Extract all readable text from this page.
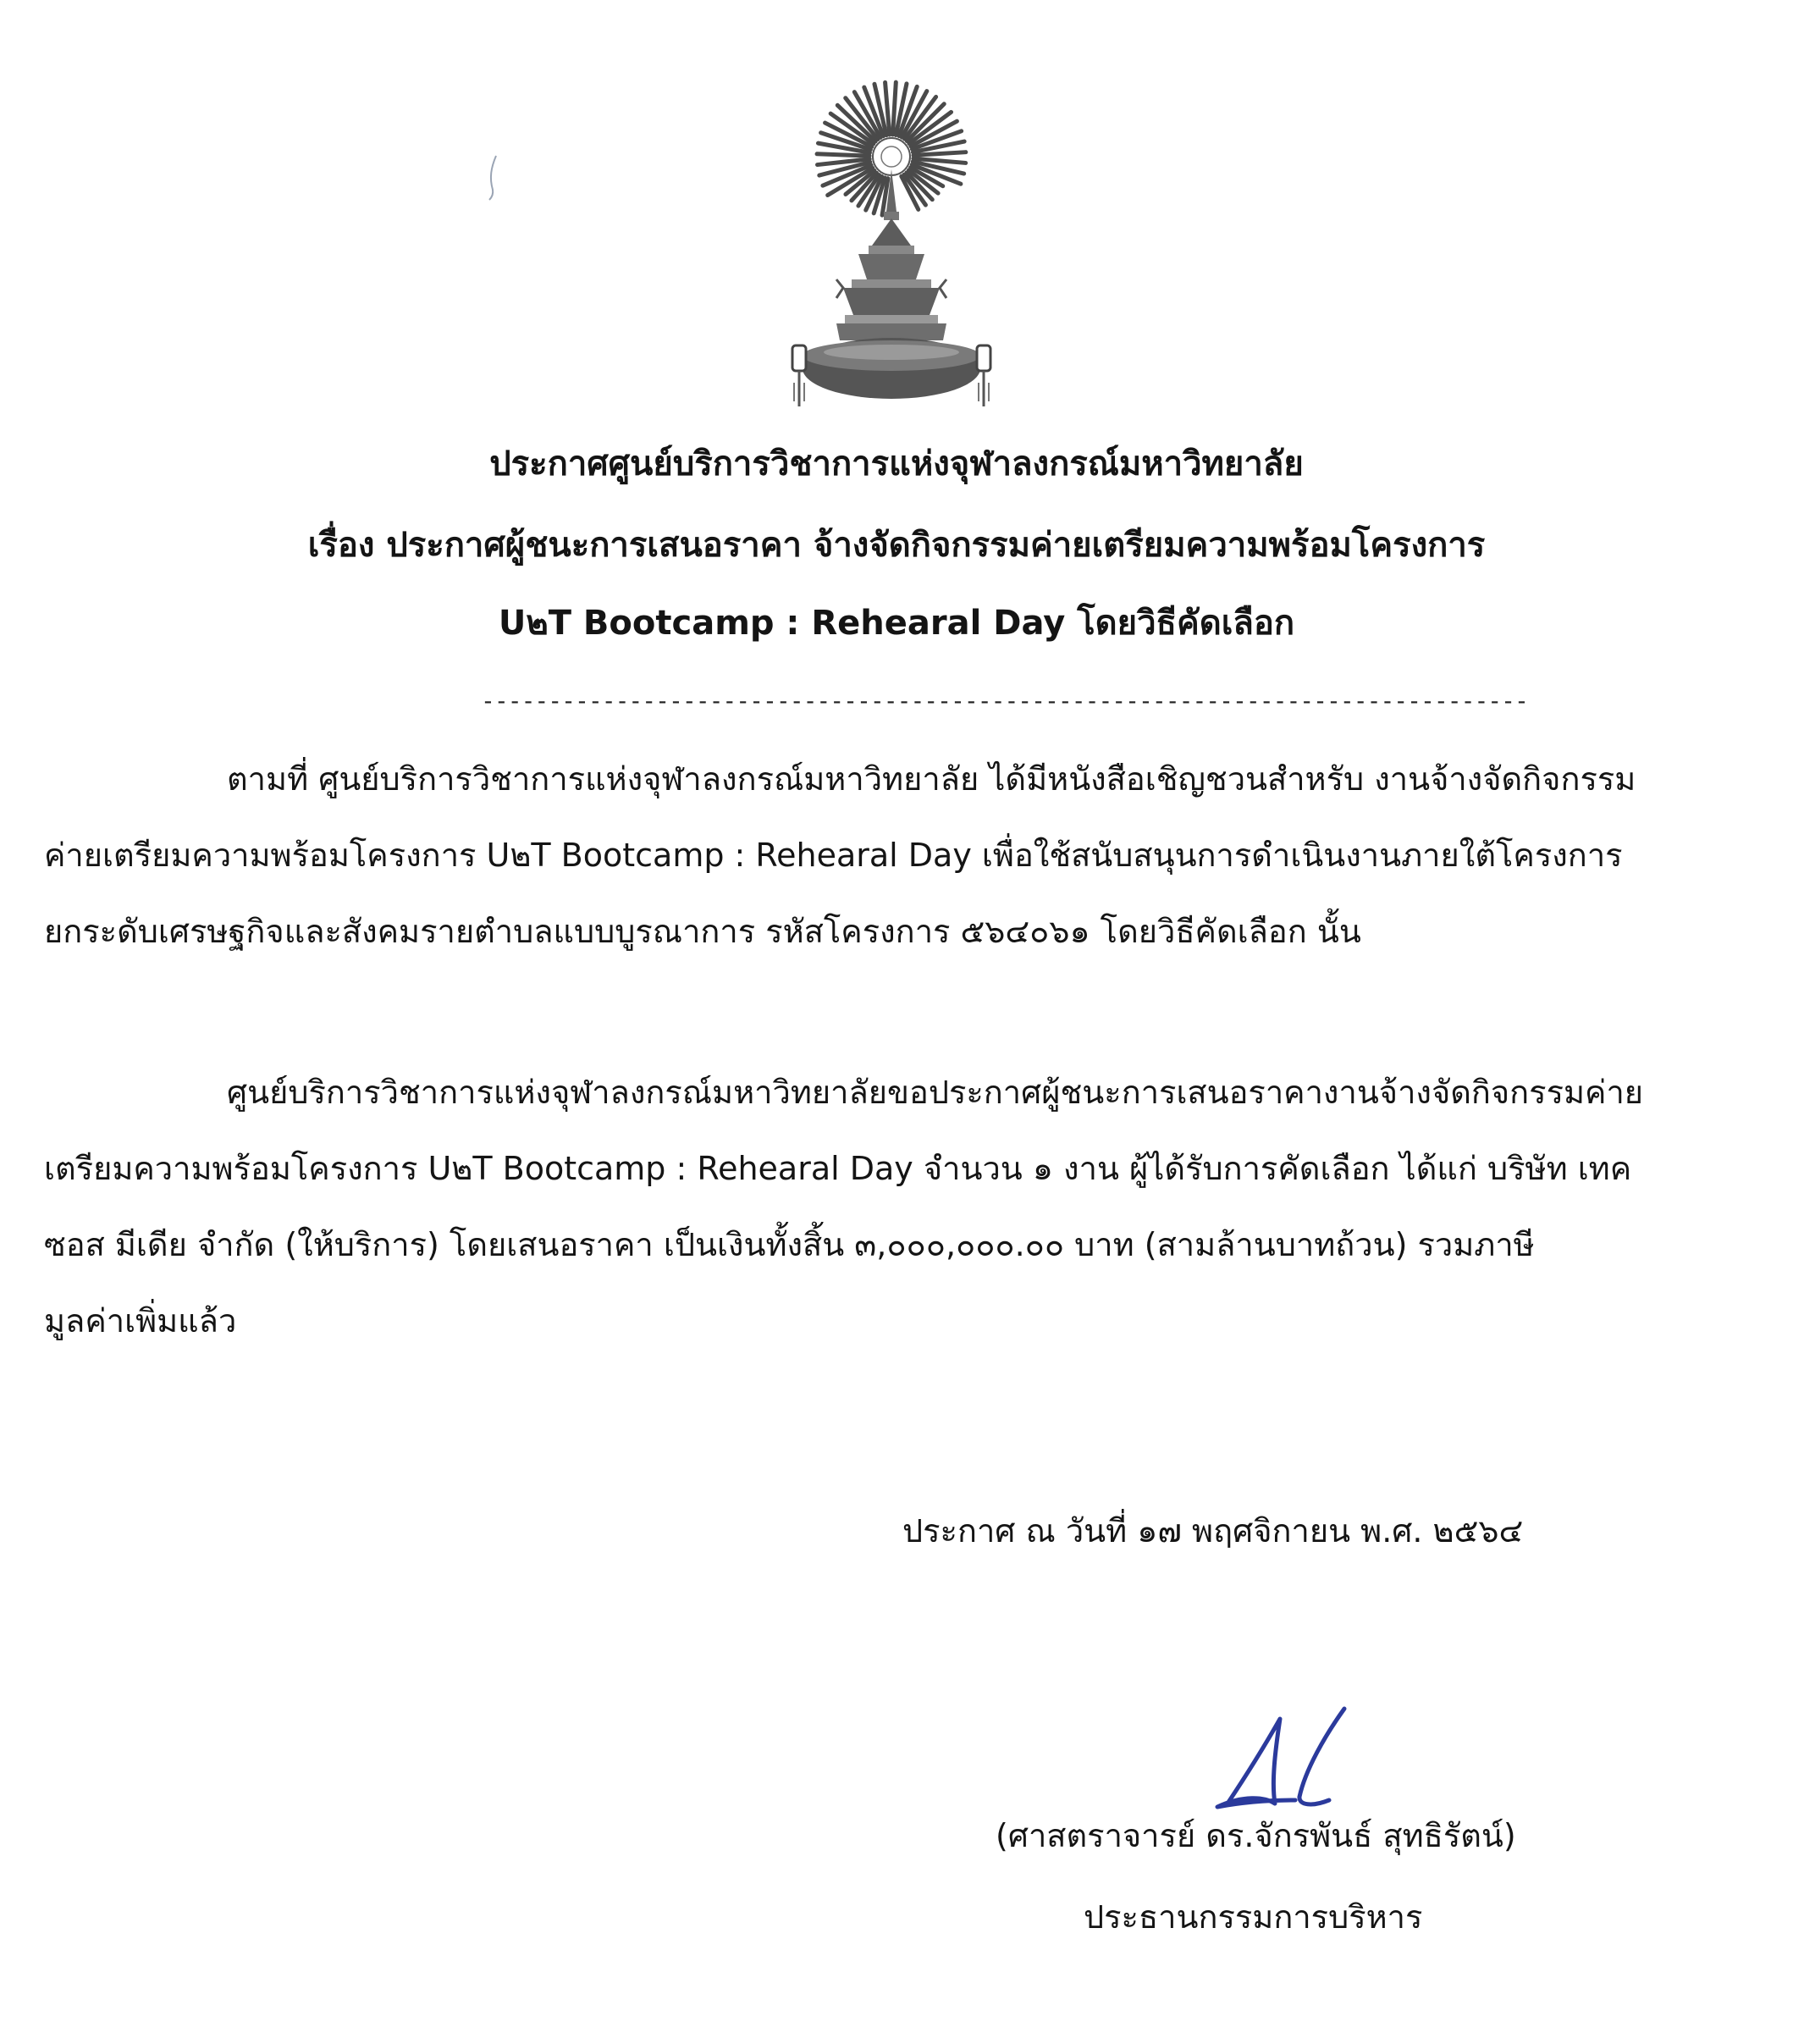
ประกาศศูนย์บริการวิชาการแห่งจุฬาลงกรณ์มหาวิทยาลัย
เรื่อง ประกาศผู้ชนะการเสนอราคา จ้างจัดกิจกรรมค่ายเตรียมความพร้อมโครงการ
U๒T Bootcamp : Rehearal Day โดยวิธีคัดเลือก
------------------------------------------------------------------------------
ตามที่ ศูนย์บริการวิชาการแห่งจุฬาลงกรณ์มหาวิทยาลัย ได้มีหนังสือเชิญชวนสำหรับ งานจ้างจัดกิจกรรม
ค่ายเตรียมความพร้อมโครงการ U๒T Bootcamp : Rehearal Day เพื่อใช้สนับสนุนการดำเนินงานภายใต้โครงการ
ยกระดับเศรษฐกิจและสังคมรายตำบลแบบบูรณาการ รหัสโครงการ ๕๖๔๐๖๑ โดยวิธีคัดเลือก นั้น
ศูนย์บริการวิชาการแห่งจุฬาลงกรณ์มหาวิทยาลัยขอประกาศผู้ชนะการเสนอราคางานจ้างจัดกิจกรรมค่าย
เตรียมความพร้อมโครงการ U๒T Bootcamp : Rehearal Day จำนวน ๑ งาน ผู้ได้รับการคัดเลือก ได้แก่ บริษัท เทค
ซอส มีเดีย จำกัด (ให้บริการ) โดยเสนอราคา เป็นเงินทั้งสิ้น ๓,๐๐๐,๐๐๐.๐๐ บาท (สามล้านบาทถ้วน) รวมภาษี
มูลค่าเพิ่มแล้ว
ประกาศ ณ วันที่ ๑๗ พฤศจิกายน พ.ศ. ๒๕๖๔
(ศาสตราจารย์ ดร.จักรพันธ์ สุทธิรัตน์)
ประธานกรรมการบริหาร
